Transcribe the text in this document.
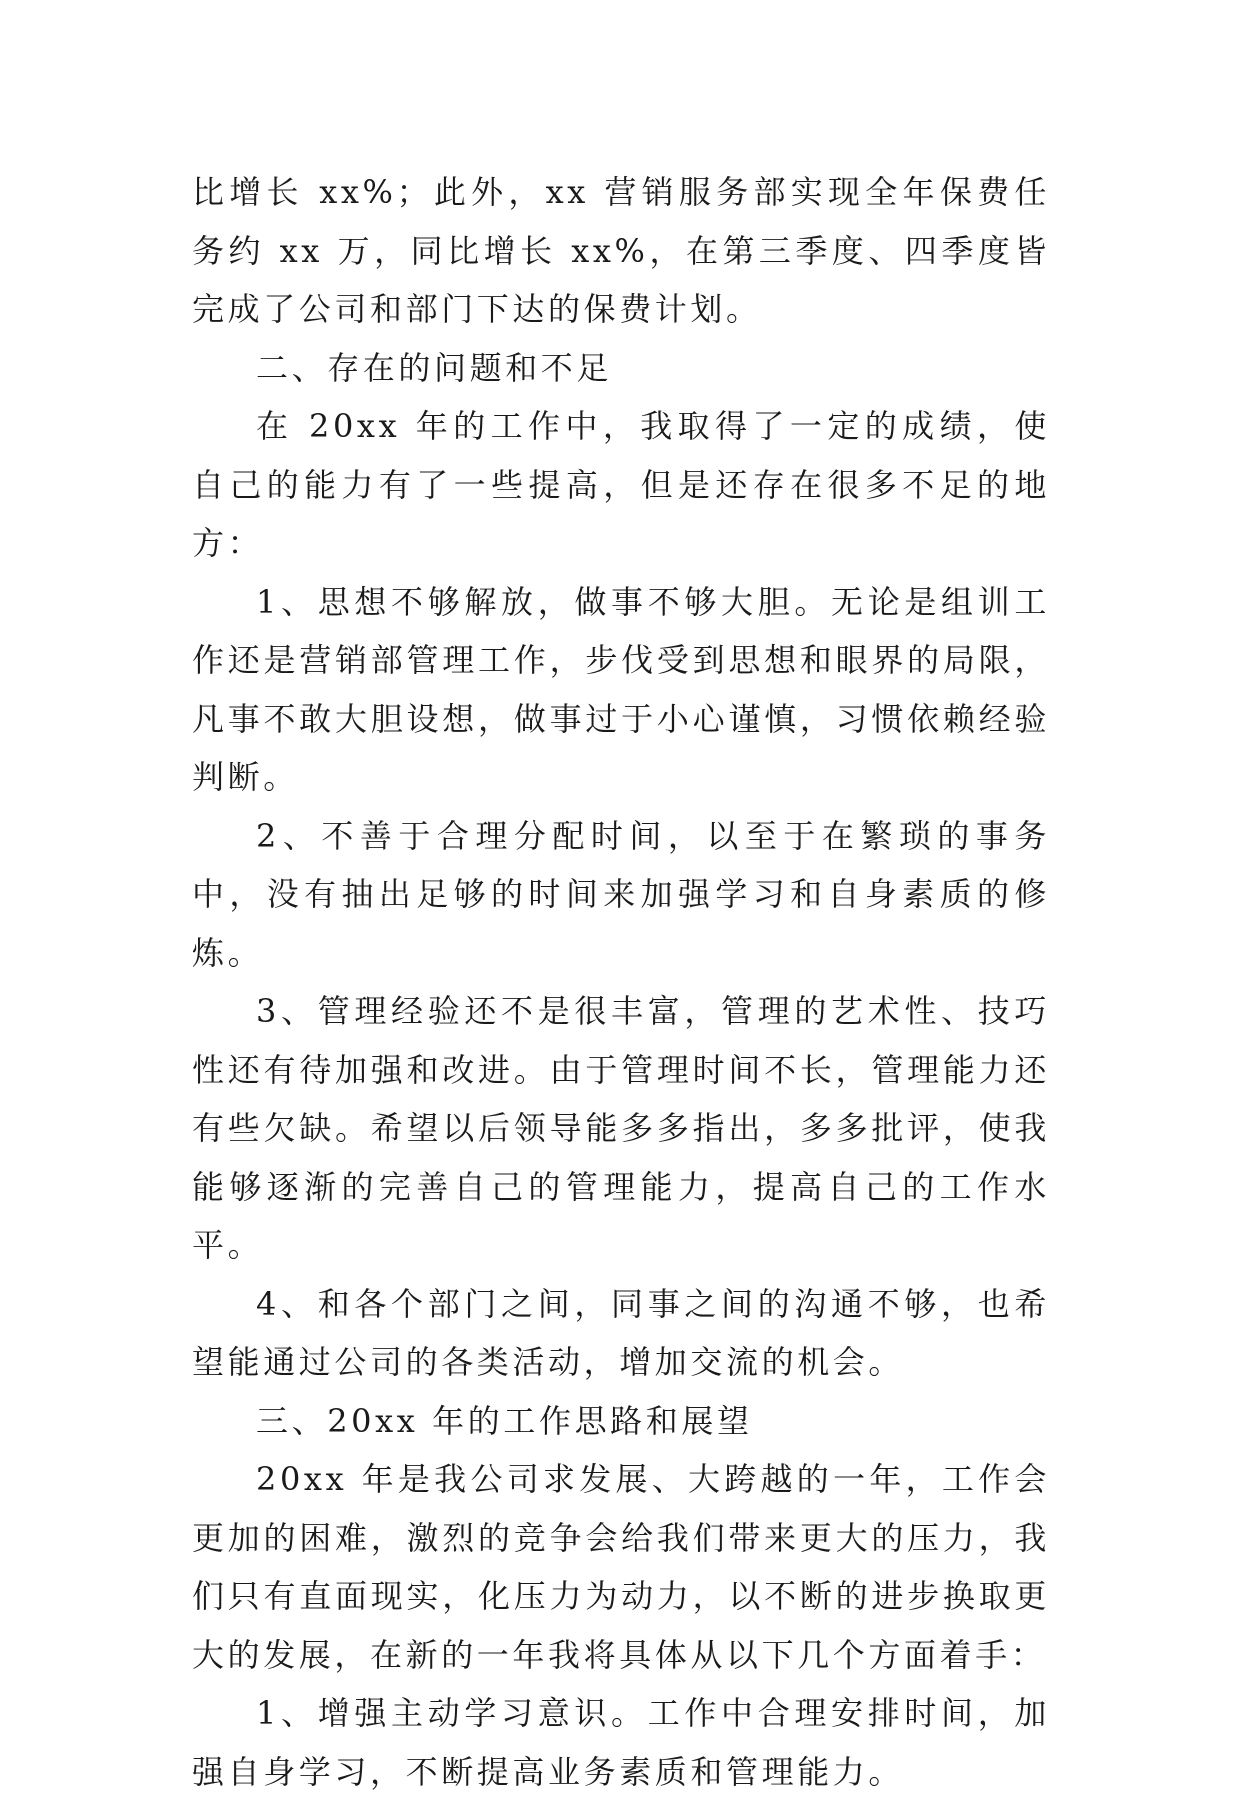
比增长 xx%；此外，xx 营销服务部实现全年保费任务约 xx 万，同比增长 xx%，在第三季度、四季度皆完成了公司和部门下达的保费计划。

二、存在的问题和不足

在 20xx 年的工作中，我取得了一定的成绩，使自己的能力有了一些提高，但是还存在很多不足的地方：

1、思想不够解放，做事不够大胆。无论是组训工作还是营销部管理工作，步伐受到思想和眼界的局限，凡事不敢大胆设想，做事过于小心谨慎，习惯依赖经验判断。

2、不善于合理分配时间，以至于在繁琐的事务中，没有抽出足够的时间来加强学习和自身素质的修炼。

3、管理经验还不是很丰富，管理的艺术性、技巧性还有待加强和改进。由于管理时间不长，管理能力还有些欠缺。希望以后领导能多多指出，多多批评，使我能够逐渐的完善自己的管理能力，提高自己的工作水平。

4、和各个部门之间，同事之间的沟通不够，也希望能通过公司的各类活动，增加交流的机会。

三、20xx 年的工作思路和展望

20xx 年是我公司求发展、大跨越的一年，工作会更加的困难，激烈的竞争会给我们带来更大的压力，我们只有直面现实，化压力为动力，以不断的进步换取更大的发展，在新的一年我将具体从以下几个方面着手：

1、增强主动学习意识。工作中合理安排时间，加强自身学习，不断提高业务素质和管理能力。
